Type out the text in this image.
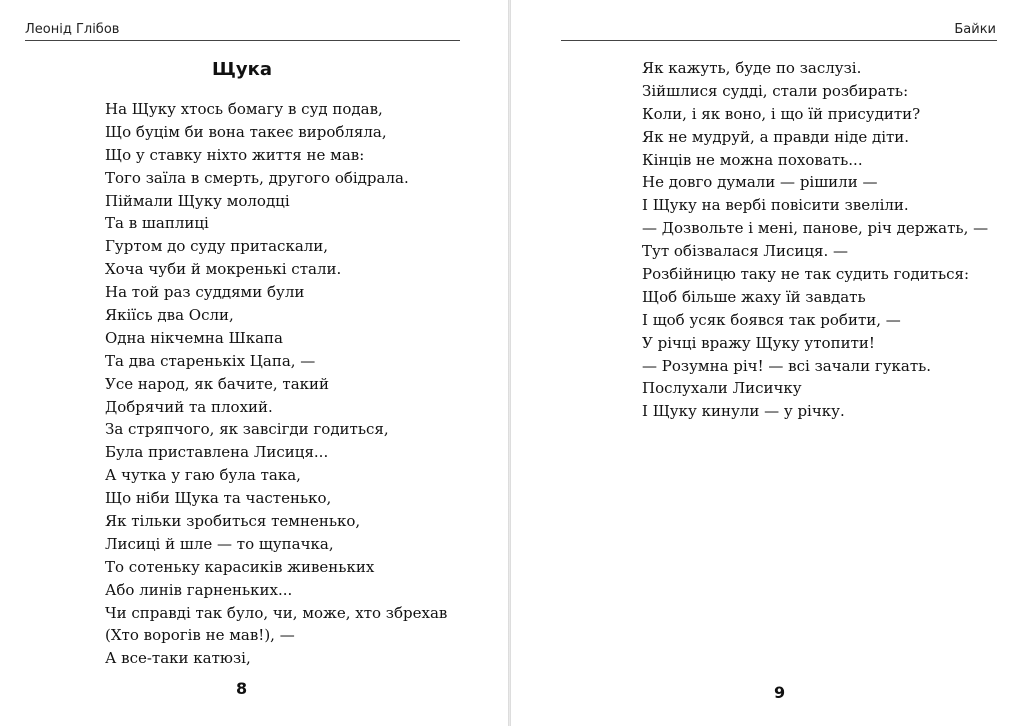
Леонід Глібов
Щука
На Щуку хтось бомагу в суд подав,
Що буцім би вона такеє виробляла,
Що у ставку ніхто життя не мав:
Того заїла в смерть, другого обідрала.
Піймали Щуку молодці
Та в шаплиці
Гуртом до суду притаскали,
Хоча чуби й мокренькі стали.
На той раз суддями були
Якіїсь два Осли,
Одна нікчемна Шкапа
Та два старенькіх Цапа, —
Усе народ, як бачите, такий
Добрячий та плохий.
За стряпчого, як завсігди годиться,
Була приставлена Лисиця...
А чутка у гаю була така,
Що ніби Щука та частенько,
Як тільки зробиться темненько,
Лисиці й шле — то щупачка,
То сотеньку карасиків живеньких
Або линів гарненьких...
Чи справді так було, чи, може, хто збрехав
(Хто ворогів не мав!), —
А все-таки катюзі,
8
Байки
Як кажуть, буде по заслузі.
Зійшлися судді, стали розбирать:
Коли, і як воно, і що їй присудити?
Як не мудруй, а правди ніде діти.
Кінців не можна поховать...
Не довго думали — рішили —
І Щуку на вербі повісити звеліли.
— Дозвольте і мені, панове, річ держать, —
Тут обізвалася Лисиця. —
Розбійницю таку не так судить годиться:
Щоб більше жаху їй завдать
І щоб усяк боявся так робити, —
У річці вражу Щуку утопити!
— Розумна річ! — всі зачали гукать.
Послухали Лисичку
І Щуку кинули — у річку.
9
